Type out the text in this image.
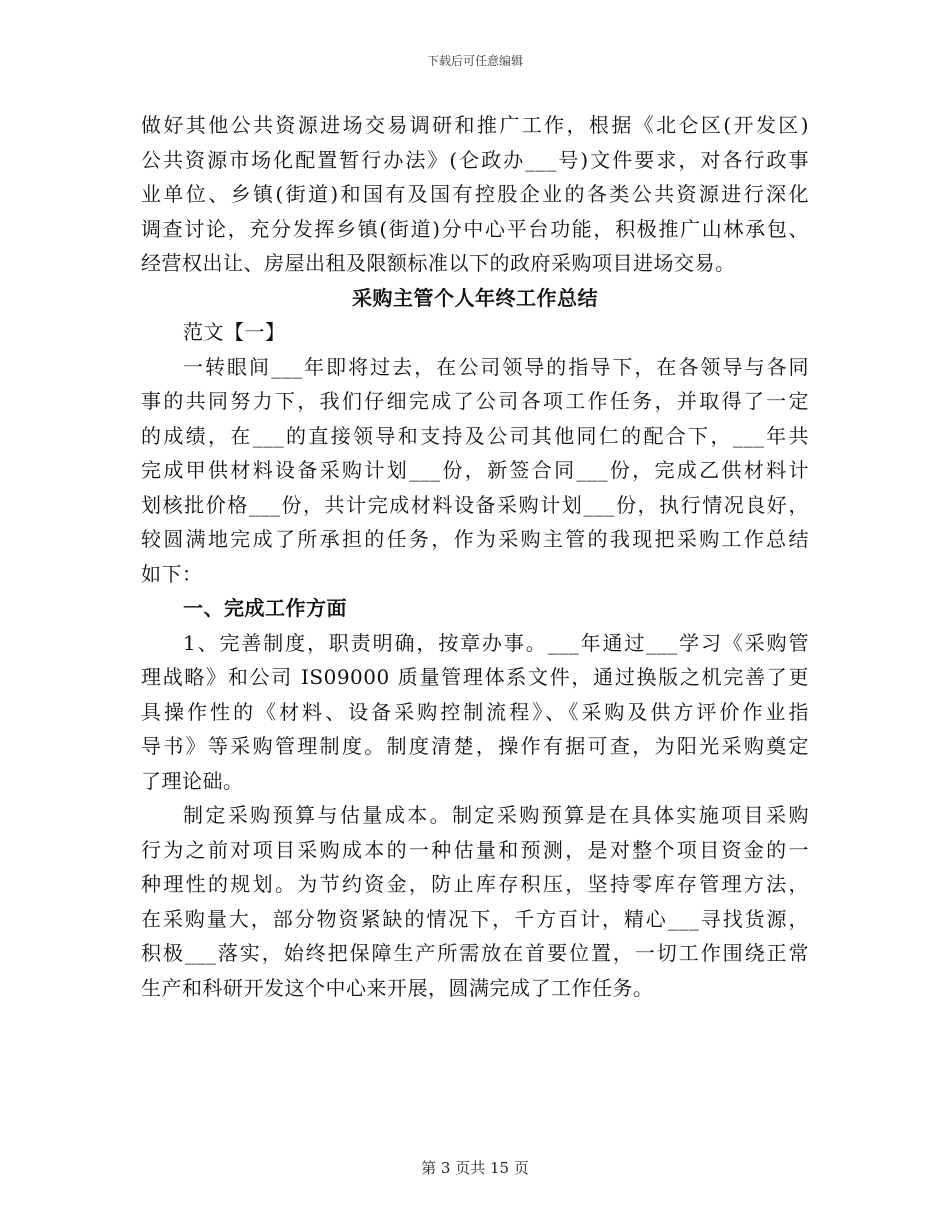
下载后可任意编辑
做好其他公共资源进场交易调研和推广工作，根据《北仑区(开发区)
公共资源市场化配置暂行办法》(仑政办___号)文件要求，对各行政事
业单位、乡镇(街道)和国有及国有控股企业的各类公共资源进行深化
调查讨论，充分发挥乡镇(街道)分中心平台功能，积极推广山林承包、
经营权出让、房屋出租及限额标准以下的政府采购项目进场交易。
采购主管个人年终工作总结
范文【一】
一转眼间___年即将过去，在公司领导的指导下，在各领导与各同
事的共同努力下，我们仔细完成了公司各项工作任务，并取得了一定
的成绩，在___的直接领导和支持及公司其他同仁的配合下，___年共
完成甲供材料设备采购计划___份，新签合同___份，完成乙供材料计
划核批价格___份，共计完成材料设备采购计划___份，执行情况良好，
较圆满地完成了所承担的任务，作为采购主管的我现把采购工作总结
如下：
一、完成工作方面
1、完善制度，职责明确，按章办事。___年通过___学习《采购管
理战略》和公司 IS09000 质量管理体系文件，通过换版之机完善了更
具操作性的《材料、设备采购控制流程》、《采购及供方评价作业指
导书》等采购管理制度。制度清楚，操作有据可查，为阳光采购奠定
了理论础。
制定采购预算与估量成本。制定采购预算是在具体实施项目采购
行为之前对项目采购成本的一种估量和预测，是对整个项目资金的一
种理性的规划。为节约资金，防止库存积压，坚持零库存管理方法，
在采购量大，部分物资紧缺的情况下，千方百计，精心___寻找货源，
积极___落实，始终把保障生产所需放在首要位置，一切工作围绕正常
生产和科研开发这个中心来开展，圆满完成了工作任务。
第 3 页共 15 页
